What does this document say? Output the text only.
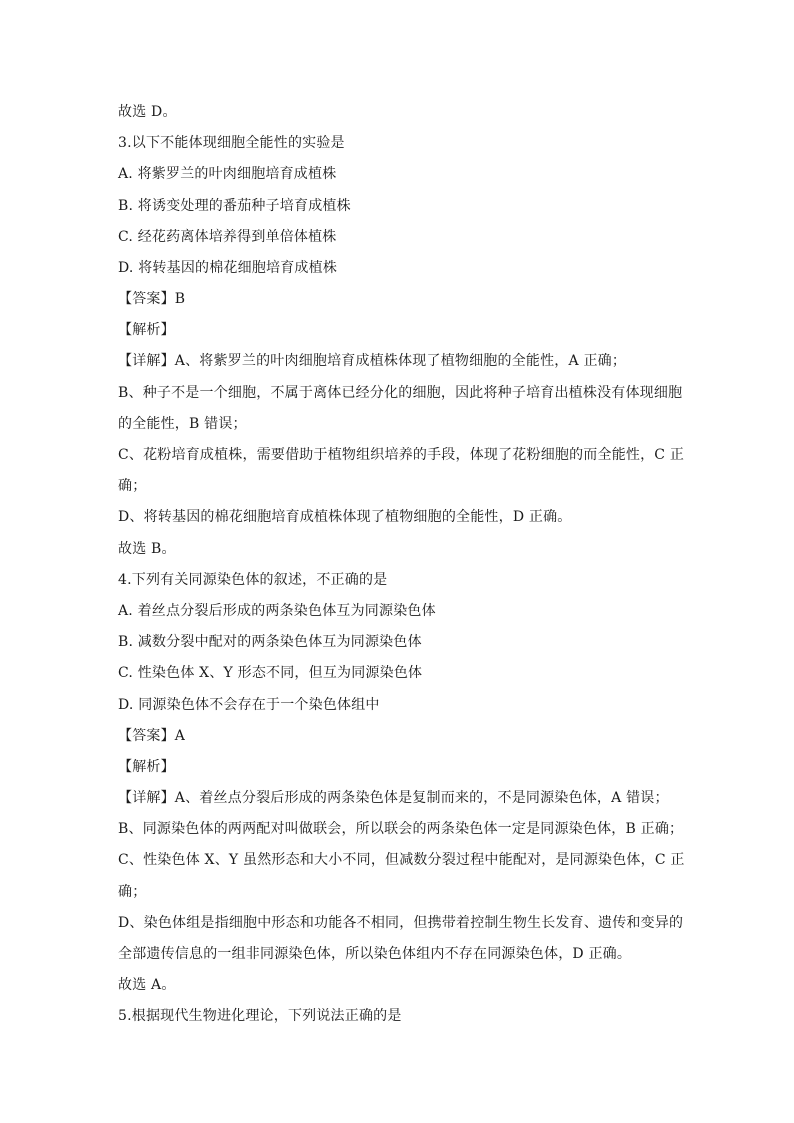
故选 D。
3.以下不能体现细胞全能性的实验是
A. 将紫罗兰的叶肉细胞培育成植株
B. 将诱变处理的番茄种子培育成植株
C. 经花药离体培养得到单倍体植株
D. 将转基因的棉花细胞培育成植株
【答案】B
【解析】
【详解】A、将紫罗兰的叶肉细胞培育成植株体现了植物细胞的全能性，A 正确；
B、种子不是一个细胞，不属于离体已经分化的细胞，因此将种子培育出植株没有体现细胞
的全能性，B 错误；
C、花粉培育成植株，需要借助于植物组织培养的手段，体现了花粉细胞的而全能性，C 正
确；
D、将转基因的棉花细胞培育成植株体现了植物细胞的全能性，D 正确。
故选 B。
4.下列有关同源染色体的叙述，不正确的是
A. 着丝点分裂后形成的两条染色体互为同源染色体
B. 减数分裂中配对的两条染色体互为同源染色体
C. 性染色体 X、Y 形态不同，但互为同源染色体
D. 同源染色体不会存在于一个染色体组中
【答案】A
【解析】
【详解】A、着丝点分裂后形成的两条染色体是复制而来的，不是同源染色体，A 错误；
B、同源染色体的两两配对叫做联会，所以联会的两条染色体一定是同源染色体，B 正确；
C、性染色体 X、Y 虽然形态和大小不同，但减数分裂过程中能配对，是同源染色体，C 正
确；
D、染色体组是指细胞中形态和功能各不相同，但携带着控制生物生长发育、遗传和变异的
全部遗传信息的一组非同源染色体，所以染色体组内不存在同源染色体，D 正确。
故选 A。
5.根据现代生物进化理论，下列说法正确的是
